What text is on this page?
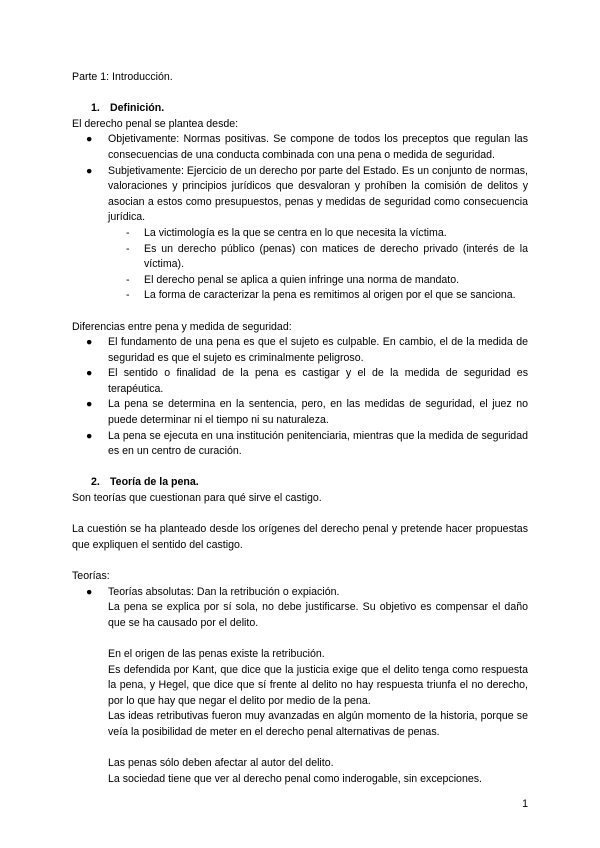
Parte 1: Introducción.

1. Definición.

El derecho penal se plantea desde:

● Objetivamente: Normas positivas. Se compone de todos los preceptos que regulan las consecuencias de una conducta combinada con una pena o medida de seguridad.
● Subjetivamente: Ejercicio de un derecho por parte del Estado. Es un conjunto de normas, valoraciones y principios jurídicos que desvaloran y prohíben la comisión de delitos y asocian a estos como presupuestos, penas y medidas de seguridad como consecuencia jurídica.
- La victimología es la que se centra en lo que necesita la víctima.
- Es un derecho público (penas) con matices de derecho privado (interés de la víctima).
- El derecho penal se aplica a quien infringe una norma de mandato.
- La forma de caracterizar la pena es remitimos al origen por el que se sanciona.

Diferencias entre pena y medida de seguridad:

● El fundamento de una pena es que el sujeto es culpable. En cambio, el de la medida de seguridad es que el sujeto es criminalmente peligroso.
● El sentido o finalidad de la pena es castigar y el de la medida de seguridad es terapéutica.
● La pena se determina en la sentencia, pero, en las medidas de seguridad, el juez no puede determinar ni el tiempo ni su naturaleza.
● La pena se ejecuta en una institución penitenciaria, mientras que la medida de seguridad es en un centro de curación.
2. Teoría de la pena.

Son teorías que cuestionan para qué sirve el castigo.

La cuestión se ha planteado desde los orígenes del derecho penal y pretende hacer propuestas que expliquen el sentido del castigo.

Teorías:

● Teorías absolutas: Dan la retribución o expiación.

La pena se explica por sí sola, no debe justificarse. Su objetivo es compensar el daño que se ha causado por el delito.

En el origen de las penas existe la retribución.

Es defendida por Kant, que dice que la justicia exige que el delito tenga como respuesta la pena, y Hegel, que dice que sí frente al delito no hay respuesta triunfa el no derecho, por lo que hay que negar el delito por medio de la pena.

Las ideas retributivas fueron muy avanzadas en algún momento de la historia, porque se veía la posibilidad de meter en el derecho penal alternativas de penas.

Las penas sólo deben afectar al autor del delito.

La sociedad tiene que ver al derecho penal como inderogable, sin excepciones.

1
